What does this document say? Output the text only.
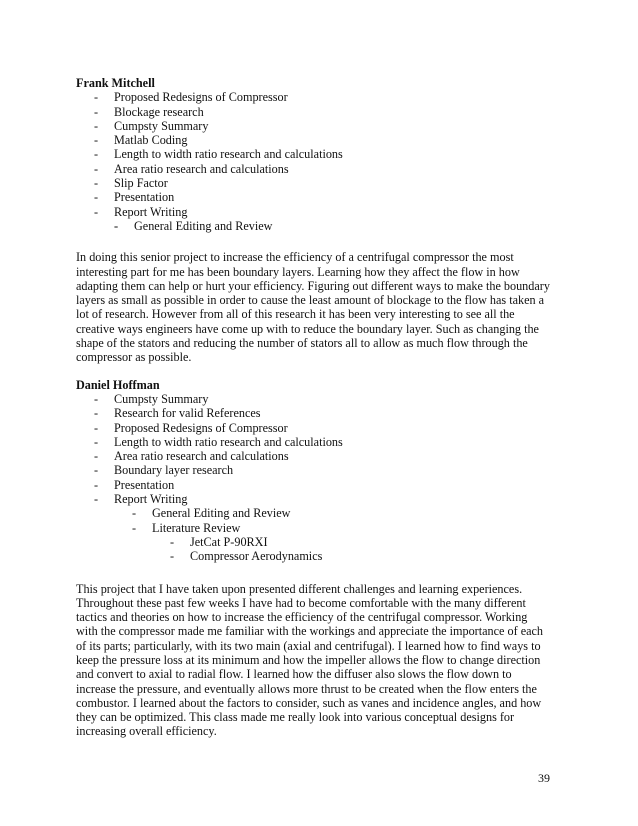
Frank Mitchell

- Proposed Redesigns of Compressor
- Blockage research
- Cumpsty Summary
- Matlab Coding
- Length to width ratio research and calculations
- Area ratio research and calculations
- Slip Factor
- Presentation
- Report Writing
- - General Editing and Review

In doing this senior project to increase the efficiency of a centrifugal compressor the most
interesting part for me has been boundary layers. Learning how they affect the flow in how
adapting them can help or hurt your efficiency. Figuring out different ways to make the boundary
layers as small as possible in order to cause the least amount of blockage to the flow has taken a
lot of research. However from all of this research it has been very interesting to see all the
creative ways engineers have come up with to reduce the boundary layer. Such as changing the
shape of the stators and reducing the number of stators all to allow as much flow through the
compressor as possible.

Daniel Hoffman

- Cumpsty Summary
- Research for valid References
- Proposed Redesigns of Compressor
- Length to width ratio research and calculations
- Area ratio research and calculations
- Boundary layer research
- Presentation
- Report Writing
- General Editing and Review
- Literature Review
- JetCat P-90RXI
- Compressor Aerodynamics

This project that I have taken upon presented different challenges and learning experiences.
Throughout these past few weeks I have had to become comfortable with the many different
tactics and theories on how to increase the efficiency of the centrifugal compressor. Working
with the compressor made me familiar with the workings and appreciate the importance of each
of its parts; particularly, with its two main (axial and centrifugal). I learned how to find ways to
keep the pressure loss at its minimum and how the impeller allows the flow to change direction
and convert to axial to radial flow. I learned how the diffuser also slows the flow down to
increase the pressure, and eventually allows more thrust to be created when the flow enters the
combustor. I learned about the factors to consider, such as vanes and incidence angles, and how
they can be optimized. This class made me really look into various conceptual designs for
increasing overall efficiency.

39
